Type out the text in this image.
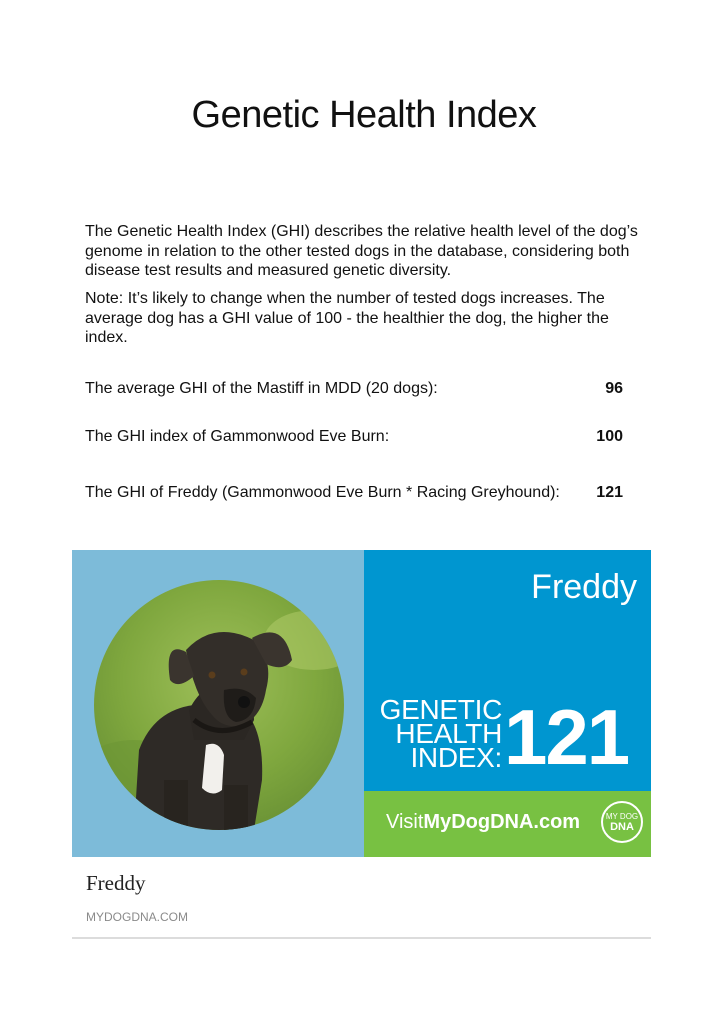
Genetic Health Index
The Genetic Health Index (GHI) describes the relative health level of the dog’s genome in relation to the other tested dogs in the database, considering both disease test results and measured genetic diversity.
Note: It’s likely to change when the number of tested dogs increases. The average dog has a GHI value of 100 - the healthier the dog, the higher the index.
The average GHI of the Mastiff in MDD (20 dogs):	96
The GHI index of Gammonwood Eve Burn:	100
The GHI of Freddy (Gammonwood Eve Burn * Racing Greyhound): 121
Freddy
GENETIC
HEALTH
INDEX: 121
VisitMyDogDNA.com	MY DOG
DNA
Freddy
MYDOGDNA.COM
